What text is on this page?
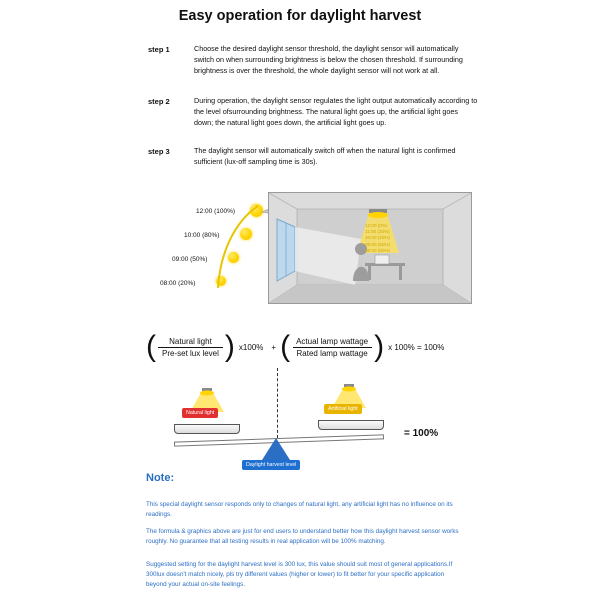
Easy operation for daylight harvest
step 1	Choose the desired daylight sensor threshold, the daylight sensor will automatically switch on when surrounding brightness is below the chosen threshold. If surrounding brightness is over the threshold, the whole daylight sensor will not work at all.
step 2	During operation, the daylight sensor regulates the light output automatically according to the level ofsurrounding brightness. The natural light goes up, the artificial light goes down; the natural light goes down, the artificial light goes up.
step 3	The daylight sensor will automatically switch off when the natural light is confirmed sufficient (lux-off sampling time is 30s).
12:00 (100%)
10:00 (80%)
09:00 (50%)
08:00 (20%)
12:00 (0%)
11:00 (20%)
10:00 (20%)
09:00 (50%)
08:00 (80%)
( $\frac{\text{Natural light}}{\text{Pre-set lux level}}$ ) x100% + ( $\frac{\text{Actual lamp wattage}}{\text{Rated lamp wattage}}$ ) x 100% = 100%
+
Natural light
Artificial light
Daylight harvest level
= 100%
Note:
This special daylight sensor responds only to changes of natural light, any artificial light has no influence on its readings.
The formula & graphics above are just for end users to understand better how this daylight harvest sensor works roughly. No guarantee that all testing results in real application will be 100% matching.
Suggested setting for the daylight harvest level is 300 lux, this value should suit most of general applications.If 300lux doesn't match nicely, pls try different values (higher or lower) to fit better for your specific application beyond your actual on-site feelings.
